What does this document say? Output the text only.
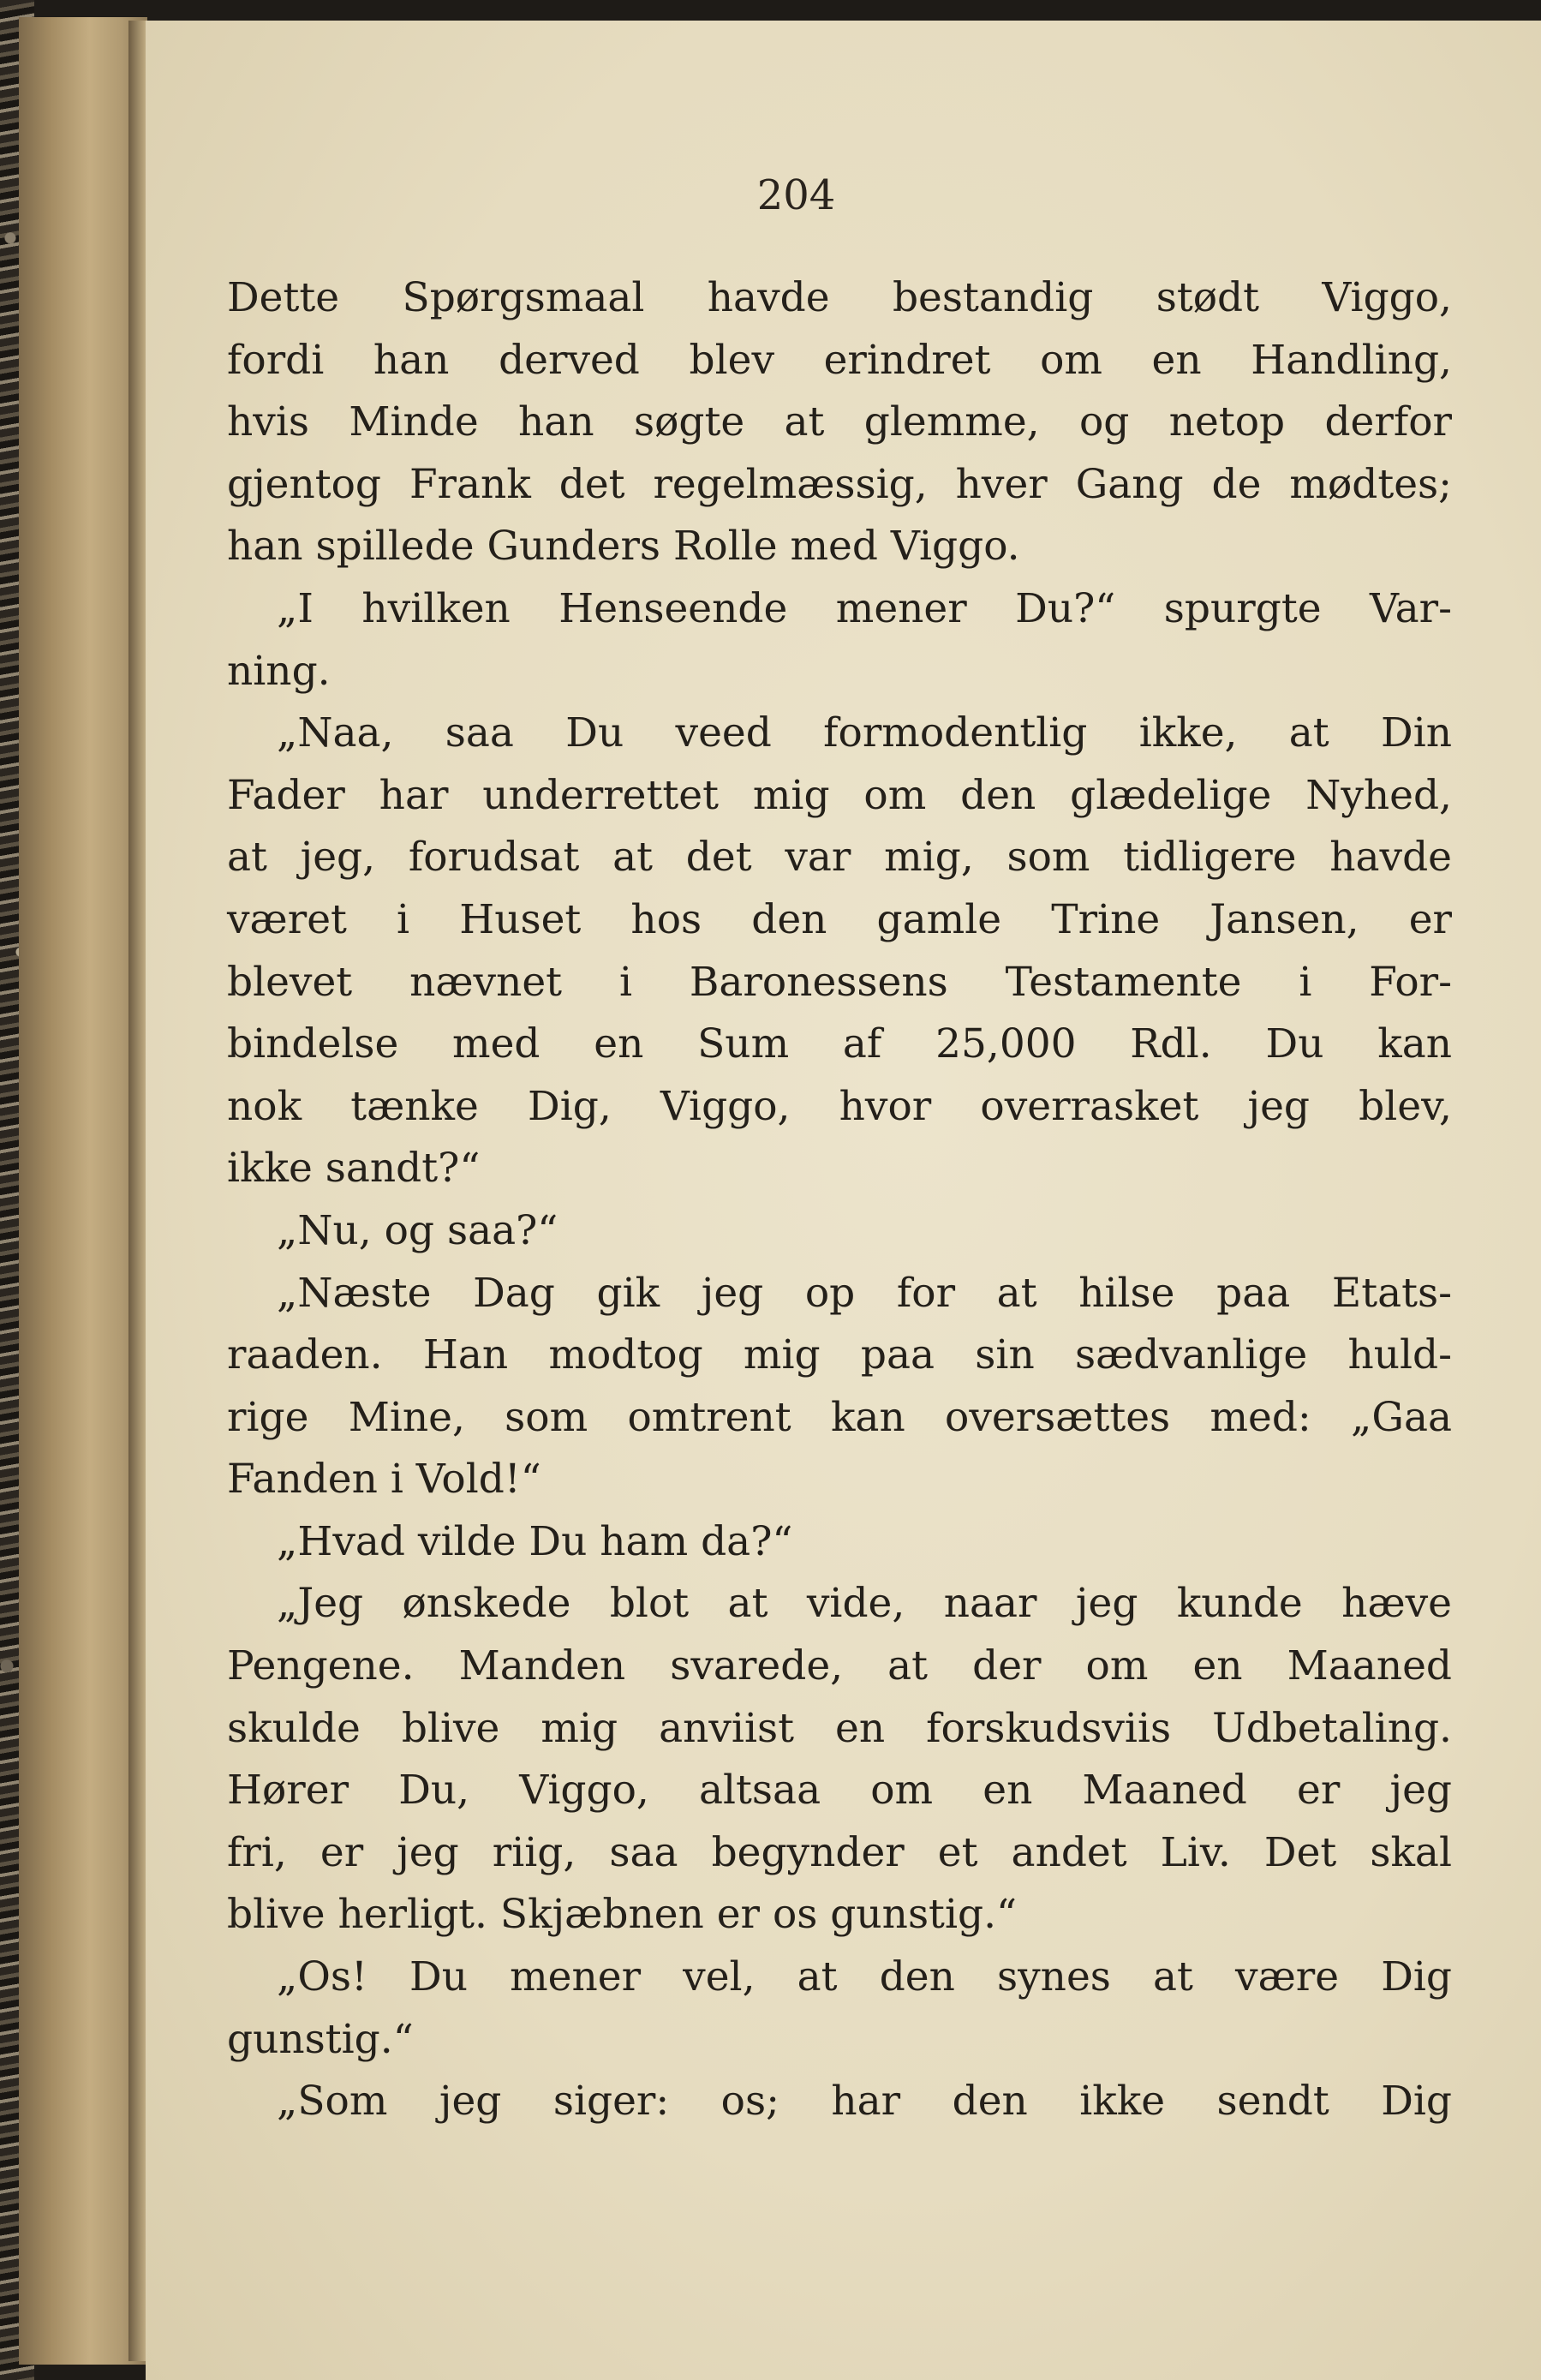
204
Dette Spørgsmaal havde bestandig stødt Viggo,
fordi han derved blev erindret om en Handling,
hvis Minde han søgte at glemme, og netop derfor
gjentog Frank det regelmæssig, hver Gang de mødtes;
han spillede Gunders Rolle med Viggo.
„I hvilken Henseende mener Du?“ spurgte Var-
ning.
„Naa, saa Du veed formodentlig ikke, at Din
Fader har underrettet mig om den glædelige Nyhed,
at jeg, forudsat at det var mig, som tidligere havde
været i Huset hos den gamle Trine Jansen, er
blevet nævnet i Baronessens Testamente i For-
bindelse med en Sum af 25,000 Rdl. Du kan
nok tænke Dig, Viggo, hvor overrasket jeg blev,
ikke sandt?“
„Nu, og saa?“
„Næste Dag gik jeg op for at hilse paa Etats-
raaden. Han modtog mig paa sin sædvanlige huld-
rige Mine, som omtrent kan oversættes med: „Gaa
Fanden i Vold!“
„Hvad vilde Du ham da?“
„Jeg ønskede blot at vide, naar jeg kunde hæve
Pengene. Manden svarede, at der om en Maaned
skulde blive mig anviist en forskudsviis Udbetaling.
Hører Du, Viggo, altsaa om en Maaned er jeg
fri, er jeg riig, saa begynder et andet Liv. Det skal
blive herligt. Skjæbnen er os gunstig.“
„Os! Du mener vel, at den synes at være Dig
gunstig.“
„Som jeg siger: os; har den ikke sendt Dig
